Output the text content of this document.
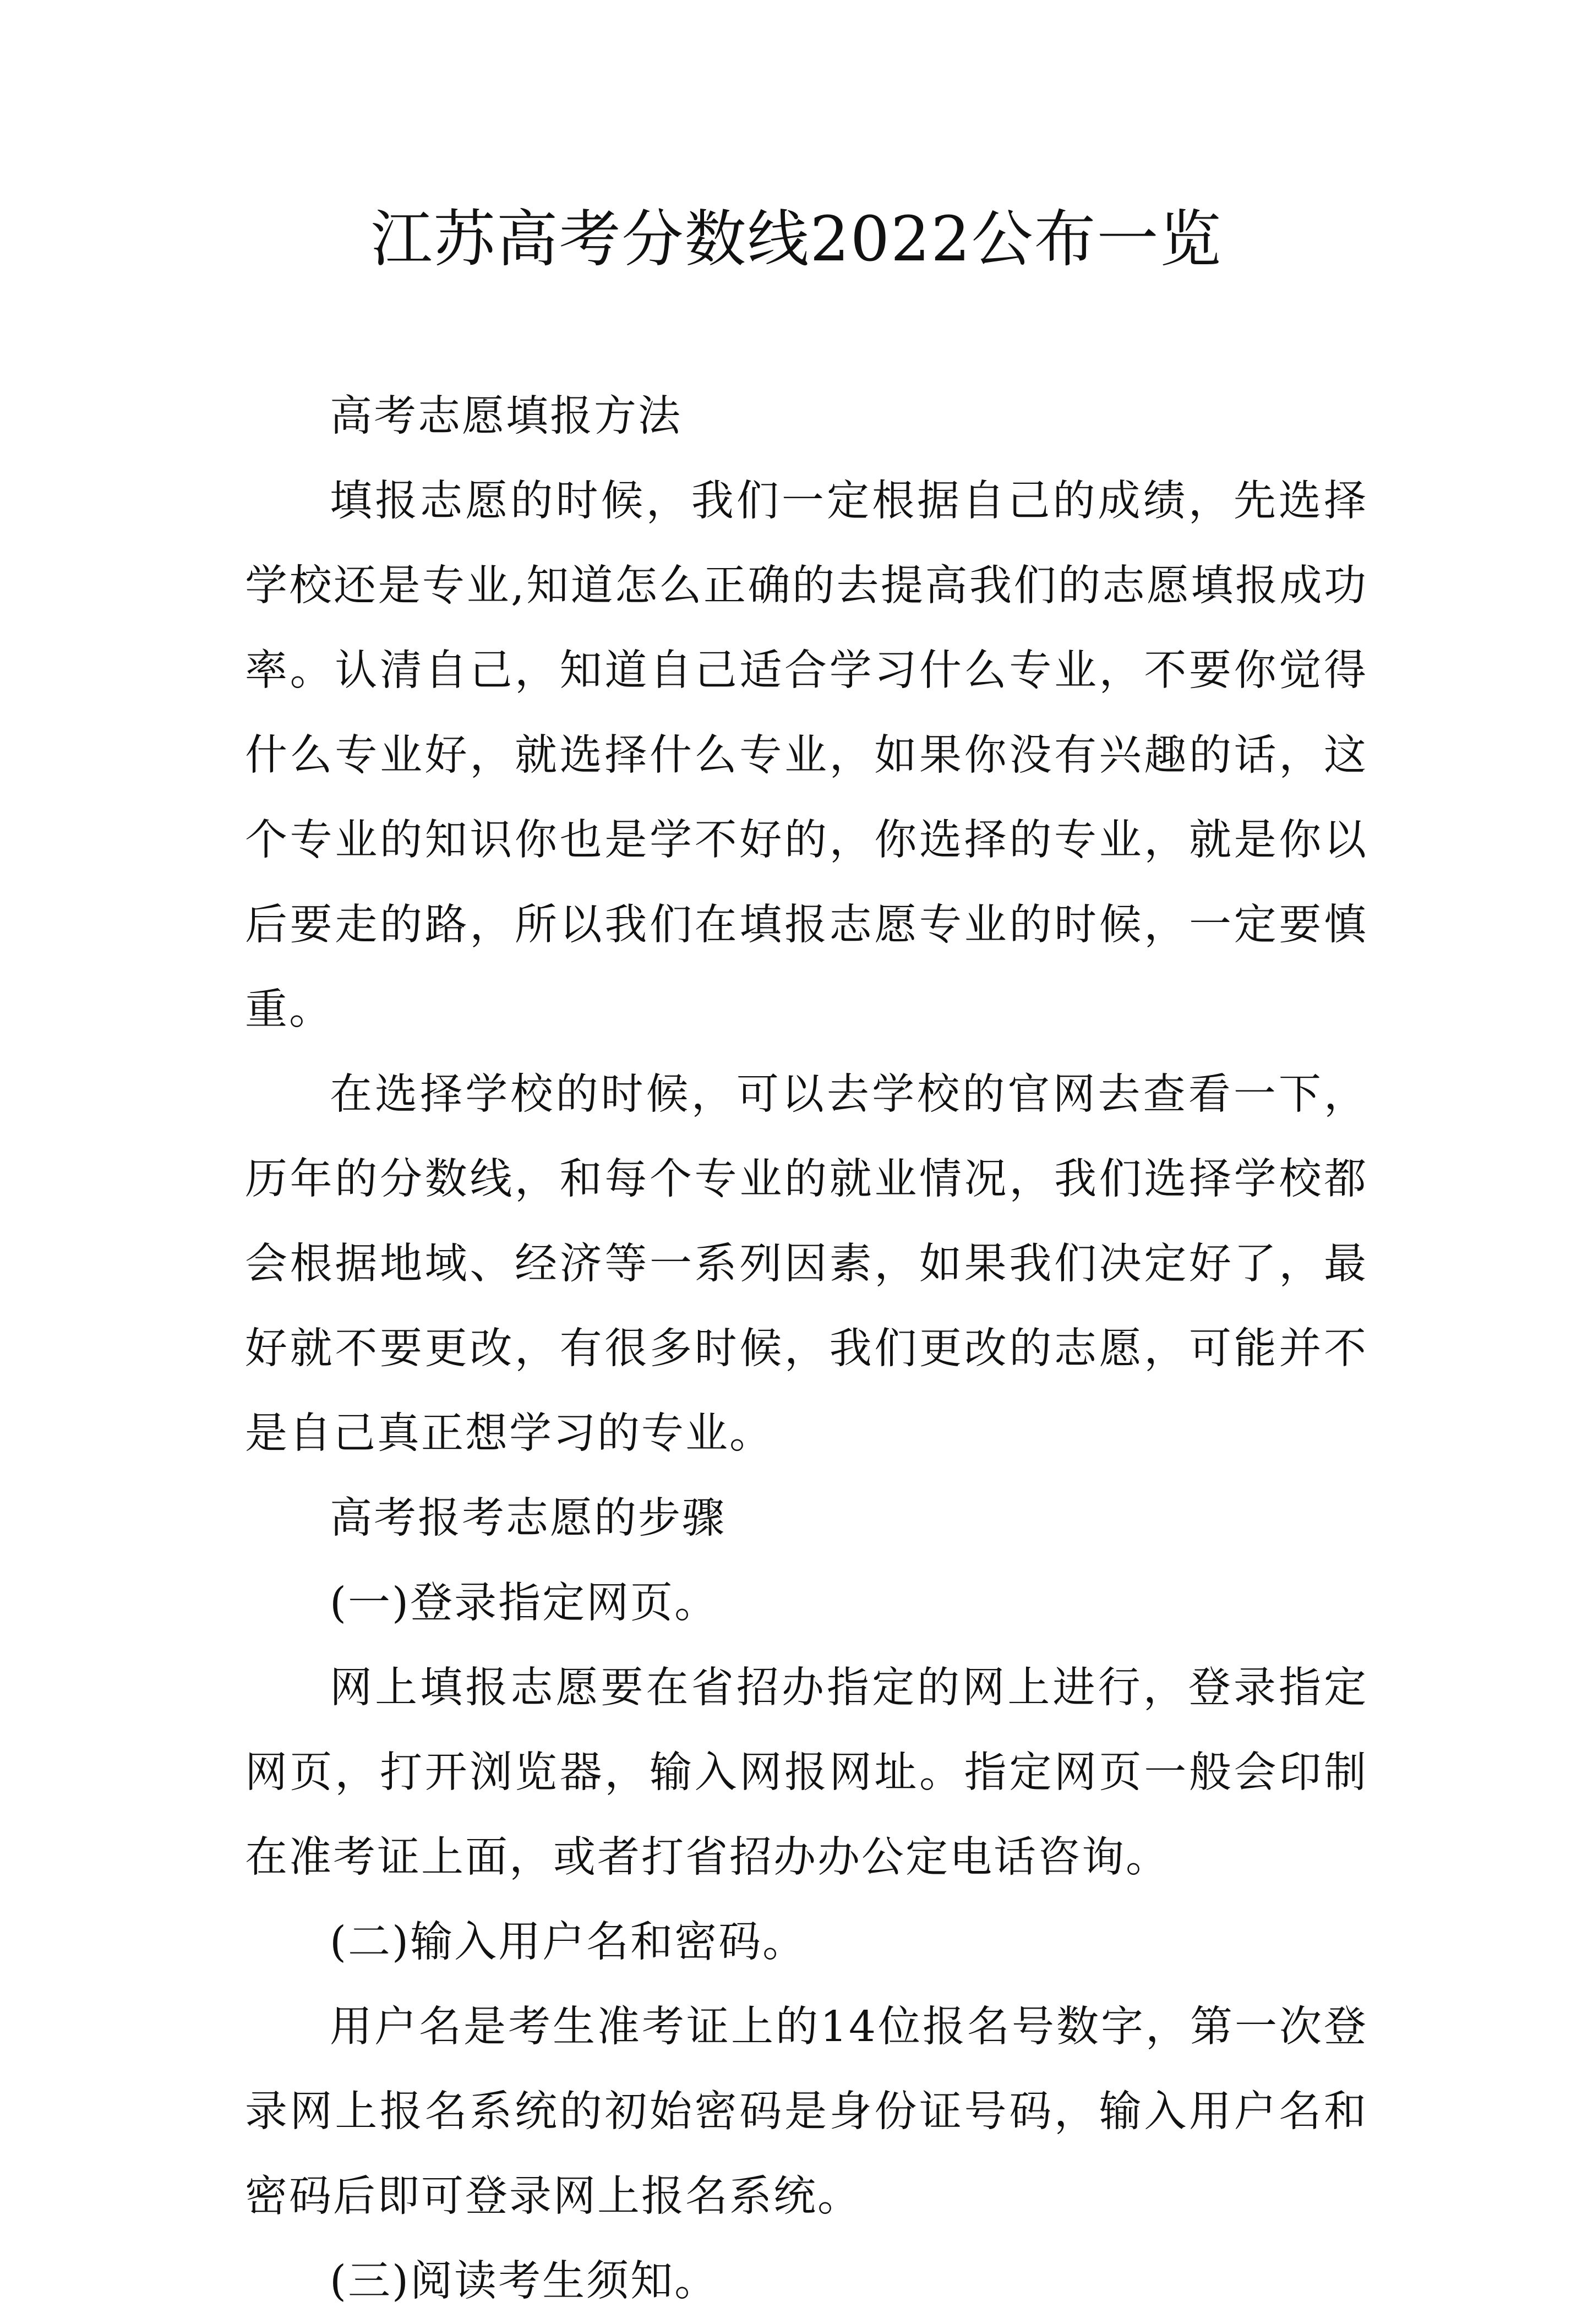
江苏高考分数线2022公布一览

高考志愿填报方法

填报志愿的时候，我们一定根据自己的成绩，先选择学校还是专业,知道怎么正确的去提高我们的志愿填报成功率。认清自己，知道自己适合学习什么专业，不要你觉得什么专业好，就选择什么专业，如果你没有兴趣的话，这个专业的知识你也是学不好的，你选择的专业，就是你以后要走的路，所以我们在填报志愿专业的时候，一定要慎重。

在选择学校的时候，可以去学校的官网去查看一下，历年的分数线，和每个专业的就业情况，我们选择学校都会根据地域、经济等一系列因素，如果我们决定好了，最好就不要更改，有很多时候，我们更改的志愿，可能并不是自己真正想学习的专业。

高考报考志愿的步骤

(一)登录指定网页。

网上填报志愿要在省招办指定的网上进行，登录指定网页，打开浏览器，输入网报网址。指定网页一般会印制在准考证上面，或者打省招办办公定电话咨询。

(二)输入用户名和密码。

用户名是考生准考证上的14位报名号数字，第一次登录网上报名系统的初始密码是身份证号码，输入用户名和密码后即可登录网上报名系统。

(三)阅读考生须知。
